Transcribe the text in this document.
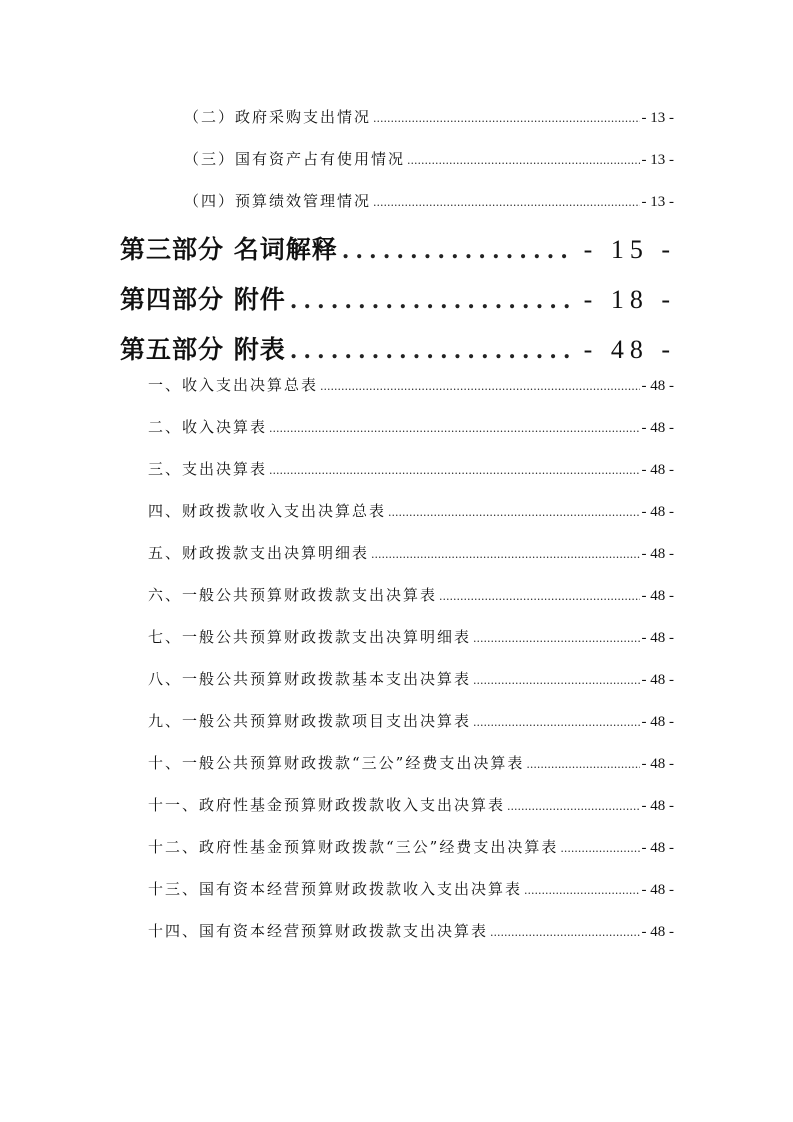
（二）政府采购支出情况 .....	- 13 -
（三）国有资产占有使用情况 .....	- 13 -
（四）预算绩效管理情况 .....	- 13 -
第三部分 名词解释 .....	- 15 -
第四部分 附件 .....	- 18 -
第五部分 附表 .....	- 48 -
一、收入支出决算总表 .....	- 48 -
二、收入决算表 .....	- 48 -
三、支出决算表 .....	- 48 -
四、财政拨款收入支出决算总表 .....	- 48 -
五、财政拨款支出决算明细表 .....	- 48 -
六、一般公共预算财政拨款支出决算表 .....	- 48 -
七、一般公共预算财政拨款支出决算明细表 .....	- 48 -
八、一般公共预算财政拨款基本支出决算表 .....	- 48 -
九、一般公共预算财政拨款项目支出决算表 .....	- 48 -
十、一般公共预算财政拨款“三公”经费支出决算表 .....	- 48 -
十一、政府性基金预算财政拨款收入支出决算表 .....	- 48 -
十二、政府性基金预算财政拨款“三公”经费支出决算表 .....	- 48 -
十三、国有资本经营预算财政拨款收入支出决算表 .....	- 48 -
十四、国有资本经营预算财政拨款支出决算表 .....	- 48 -
